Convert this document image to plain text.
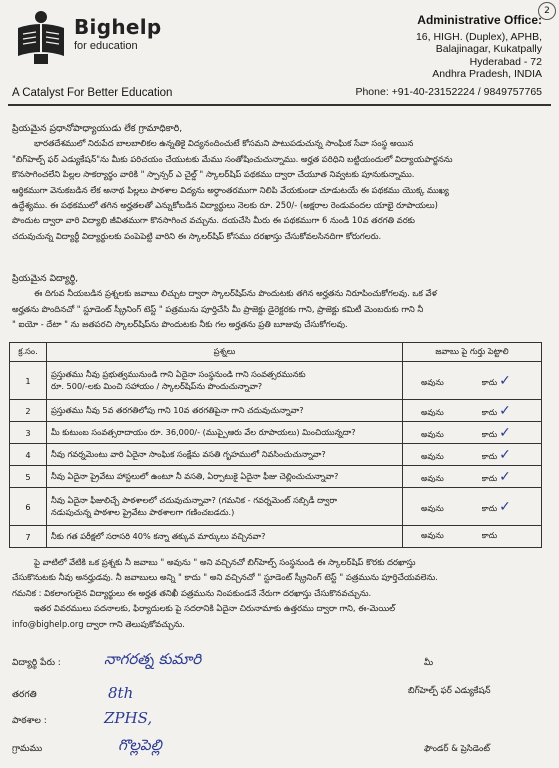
Bighelp
for education
A Catalyst For Better Education
Administrative Office:
16, HIGH. (Duplex), APHB,
Balajinagar, Kukatpally
Hyderabad - 72
Andhra Pradesh, INDIA
Phone: +91-40-23152224 / 9849757765
2
ప్రియమైన ప్రధానోపాధ్యాయుడు లేక గ్రామాధికారి,
భారతదేశములో నిరుపేద బాలబాలికల ఉన్నతికై విద్యనందించుటే కోసమని పాటుపడుచున్న సాంఘిక సేవా సంస్థ అయిన
"బిగ్‌హెల్ప్ ఫర్ ఎడ్యుకేషన్"ను మీకు పరిచయం చేయుటకు మేము సంతోషించుచున్నాము. అర్హత పరిధిని బట్టియందులో విద్యాయపార్జనను
కొనసాగించలేని పిల్లల సాకర్యార్థం వారికి " స్పాన్సర్ ఎ చైల్డ్ " స్కాలర్‌షిప్ పథకము ద్వారా చేయూత నివ్వటకు పూనుకున్నాము.
ఆర్థికముగా వెనుకబడిన లేక అనాథ పిల్లలు పాఠశాల విద్యను అర్ధాంతరముగా నిలిపి వేయకుండా చూడుటయే ఈ పథకము యొక్క ముఖ్య
ఉద్దేశ్యము. ఈ పథకములో తగిన అర్హతలతో ఎన్నుకోబడిన విద్యార్థులు నెలకు రూ. 250/- (అక్షరాల రెండువందల యాభై రూపాయలు)
పొందుట ద్వారా వారి విద్యాభి జీవితముగా కొనసాగించ వచ్చును. దయచేసి మీరు ఈ పథకముగా 6 నుండి 10వ తరగతి వరకు
చదువుచున్న విద్యార్థీ విద్యార్థులకు పంపెపెట్టి వారిని ఈ స్కాలర్‌షిప్ కోసము దరఖాస్తు చేసుకోవలసినదిగా కోరుగలరు.
ప్రియమైన విద్యార్థి,
ఈ దిగువ నీయబడిన ప్రశ్నలకు జవాబు లిచ్చుట ద్వారా స్కాలర్‌షిప్‌ను పొందుటకు తగిన అర్హతను నిరూపించుకోగలవు. ఒక వేళ
అర్హతను పొందినచో " స్టూడెంట్ స్క్రీనింగ్ టెస్ట్ " పత్రమును పూర్తిచేసి మీ ప్రాజెక్టు డైరెక్టరకు గాని, ప్రాజెక్టు కమిటీ మెంబరుకు గాని నీ
" ఐయో - దేటా " ను జతపరచి స్కాలర్‌షిప్‌ను పొందుటకు నీకు గల అర్హతను ప్రతి బూజువు చేసుకోగలవు.
క్ర.సం.	ప్రశ్నలు	జవాబు పై గుర్తు పెట్టాలి
1	ప్రస్తుతము నీవు ప్రభుత్వమునుండి గాని ఏదైనా సంస్థనుండి గాని సంవత్సరమునకు
రూ. 500/-లకు మించి సహాయం / స్కాలర్‌షిప్‌ను పొందుచున్నావా?	అవును కాదు ✓
2	ప్రస్తుతము నీవు 5వ తరగతిలోపు గాని 10వ తరగతిపైనా గాని చదువుచున్నావా?	అవును కాదు ✓
3	మీ కుటుంబ సంవత్సరాదాయం రూ. 36,000/- (ముప్పైఆరు వేల రూపాయలు) మించియున్నదా?	అవును కాదు ✓
4	నీవు గవర్నమెంటు వారి ఏదైనా సాంఘిక సంక్షేమ వసతి గృహములో నివసించుచున్నావా?	అవును కాదు ✓
5	నీవు ఏదైనా ప్రైవేటు హాస్టలులో ఉంటూ నీ వసతి, ఏర్పాటుకై ఏదైనా ఫీజు చెల్లించుచున్నావా?	అవును కాదు ✓
6	నీవు ఏదైనా ఫీజులిచ్చే పాఠశాలలో చదువుచున్నావా? (గమనిక - గవర్నమెంట్ సబ్సిడీ ద్వారా
నడుపుచున్న పాఠశాల ప్రైవేటు పాఠశాలగా గణించబడదు.)	అవును కాదు ✓
7	నీకు గత పరీక్షలో సరాసరి 40% కన్నా తక్కువ మార్కులు వచ్చినవా?	అవును కాదు
పై వాటిలో వేటికి ఒక ప్రశ్నకు నీ జవాబు " అవును " అని వచ్చినచో బిగ్‌హెల్ప్ సంస్థనుండి ఈ స్కాలర్‌షిప్ కొరకు దరఖాస్తు
చేసుకొనుటకు నీవు అనర్హుడవు. నీ జవాబులు అన్ని " కాదు " అని వచ్చినచో " స్టూడెంట్ స్క్రీనింగ్ టెస్ట్ " పత్రమును పూర్తిచేయవలెను.
గమనిక : వికలాంగులైన విద్యార్థులు ఈ అర్హత తనిఖీ పత్రమును నింపకుండనే నేరుగా దరఖాస్తు చేసుకొనవచ్చును.
ఇతర వివరములు పదనాలకు, ఫిర్యాదులకు పై సదరానికి ఏదైనా చిరునామాకు ఉత్తరము ద్వారా గాని, ఈ-మెయిల్
info@bighelp.org ద్వారా గాని తెలుపుకోవచ్చును.
విద్యార్థి పేరు :	నాగరత్న కుమారి
తరగతి	8th
పాఠశాల :	ZPHS,
గ్రామము	గొల్లపెల్లి
మీ
బిగ్‌హెల్ప్ ఫర్ ఎడ్యుకేషన్
ఫౌండర్ & ప్రెసిడెంట్
